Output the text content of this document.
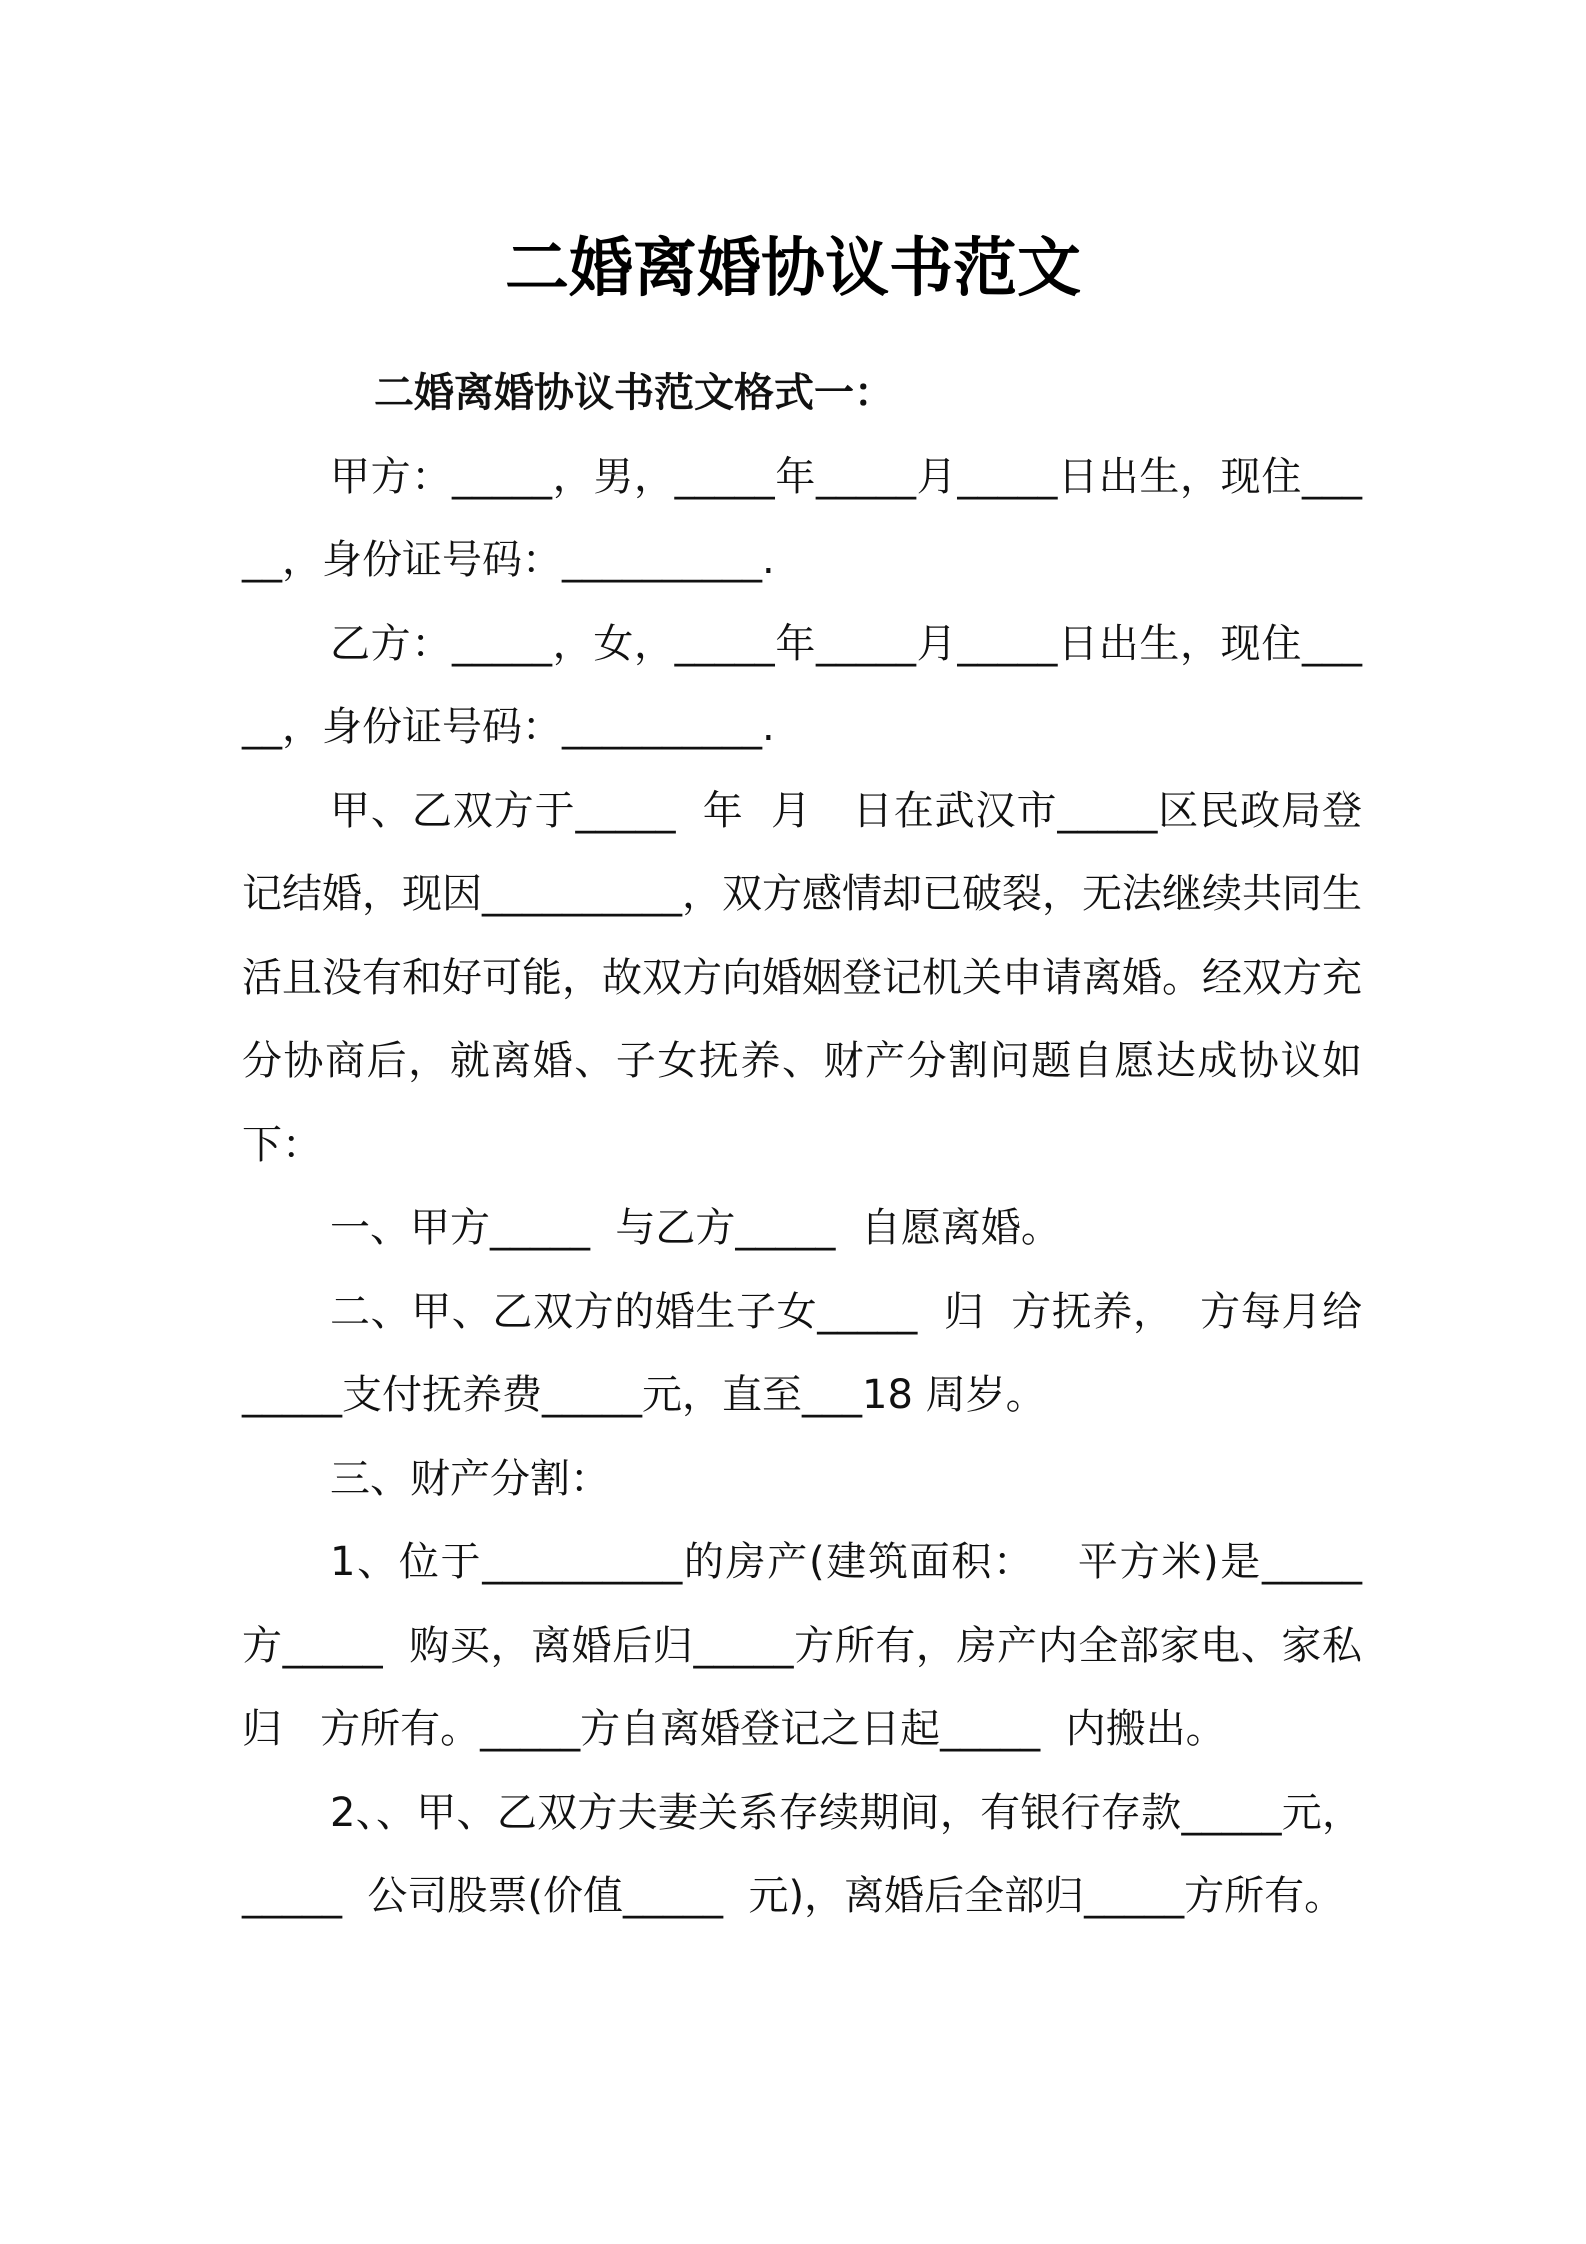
二婚离婚协议书范文

二婚离婚协议书范文格式一：

甲方：_____，男，_____年_____月_____日出生，现住_____，身份证号码：__________.

乙方：_____，女，_____年_____月_____日出生，现住_____，身份证号码：__________.

甲、乙双方于_____  年  月   日在武汉市_____区民政局登记结婚，现因__________，双方感情却已破裂，无法继续共同生活且没有和好可能，故双方向婚姻登记机关申请离婚。经双方充分协商后，就离婚、子女抚养、财产分割问题自愿达成协议如下：

一、甲方_____  与乙方_____  自愿离婚。

二、甲、乙双方的婚生子女_____  归  方抚养，  方每月给_____支付抚养费_____元，直至___18 周岁。

三、财产分割：

1、位于__________的房产(建筑面积：   平方米)是_____方_____  购买，离婚后归_____方所有，房产内全部家电、家私归   方所有。_____方自离婚登记之日起_____  内搬出。

2、、甲、乙双方夫妻关系存续期间，有银行存款_____元，_____  公司股票(价值_____  元)，离婚后全部归_____方所有。
